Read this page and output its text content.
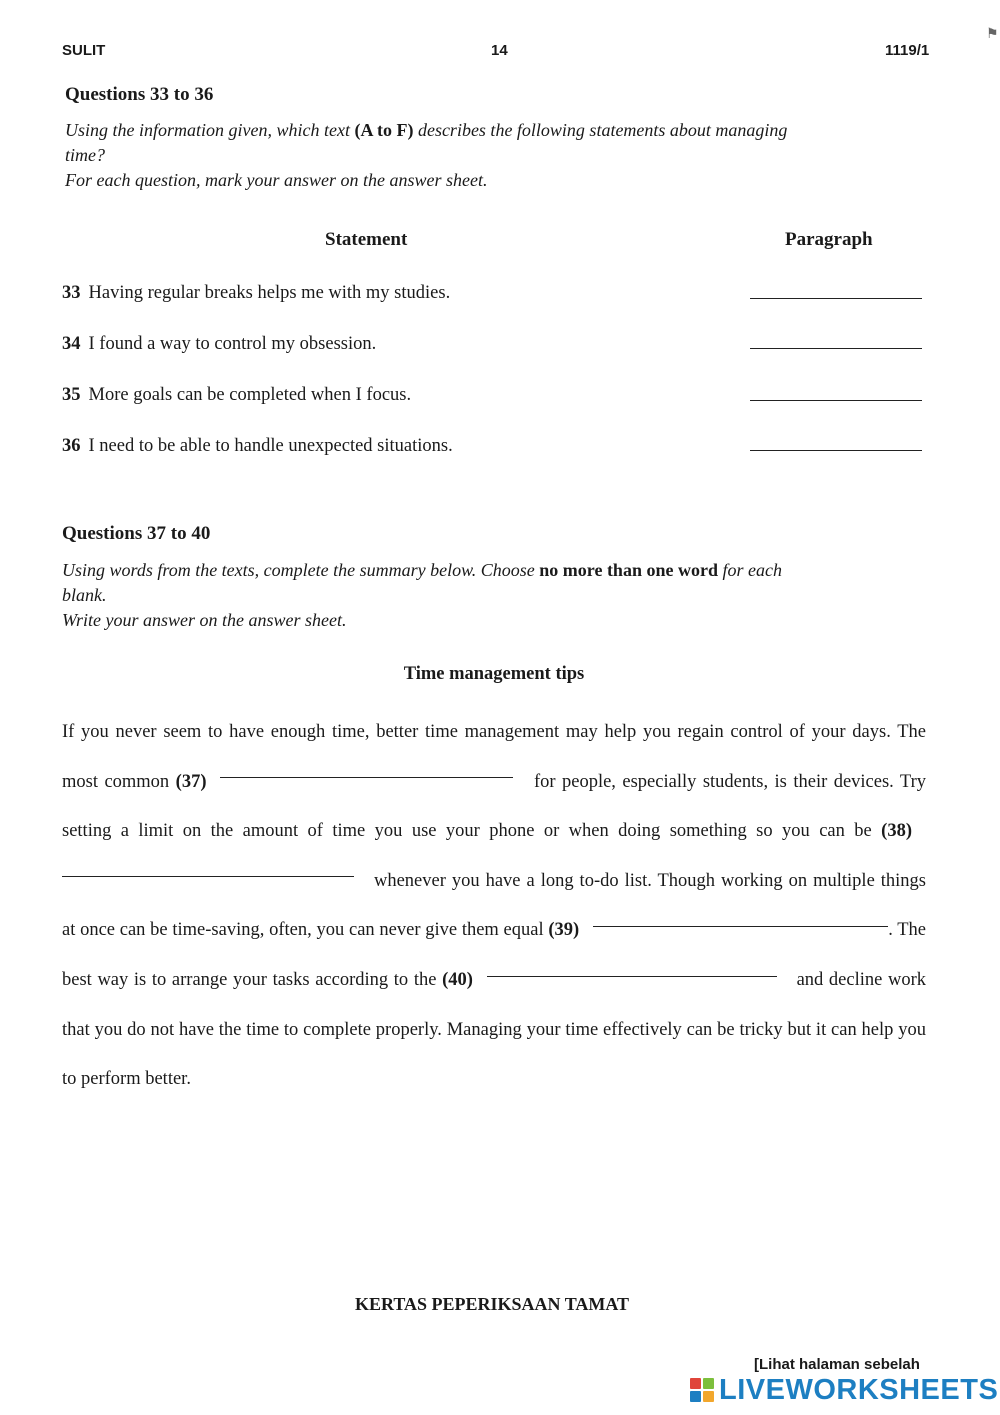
SULIT	14	1119/1
⚑
Questions 33 to 36
Using the information given, which text (A to F) describes the following statements about managing
time?
For each question, mark your answer on the answer sheet.
Statement	Paragraph
33 Having regular breaks helps me with my studies.
34 I found a way to control my obsession.
35 More goals can be completed when I focus.
36 I need to be able to handle unexpected situations.
Questions 37 to 40
Using words from the texts, complete the summary below. Choose no more than one word for each
blank.
Write your answer on the answer sheet.
Time management tips
If you never seem to have enough time, better time management may help you regain control of your days. The most common (37)	for people, especially students, is their devices. Try setting a limit on the amount of time you use your phone or when doing something so you can be (38) whenever you have a long to-do list. Though working on multiple things at once can be time-saving, often, you can never give them equal (39)	. The best way is to arrange your tasks according to the (40)	and decline work that you do not have the time to complete properly. Managing your time effectively can be tricky but it can help you to perform better.
KERTAS PEPERIKSAAN TAMAT
[Lihat halaman sebelah
LIVEWORKSHEETS
